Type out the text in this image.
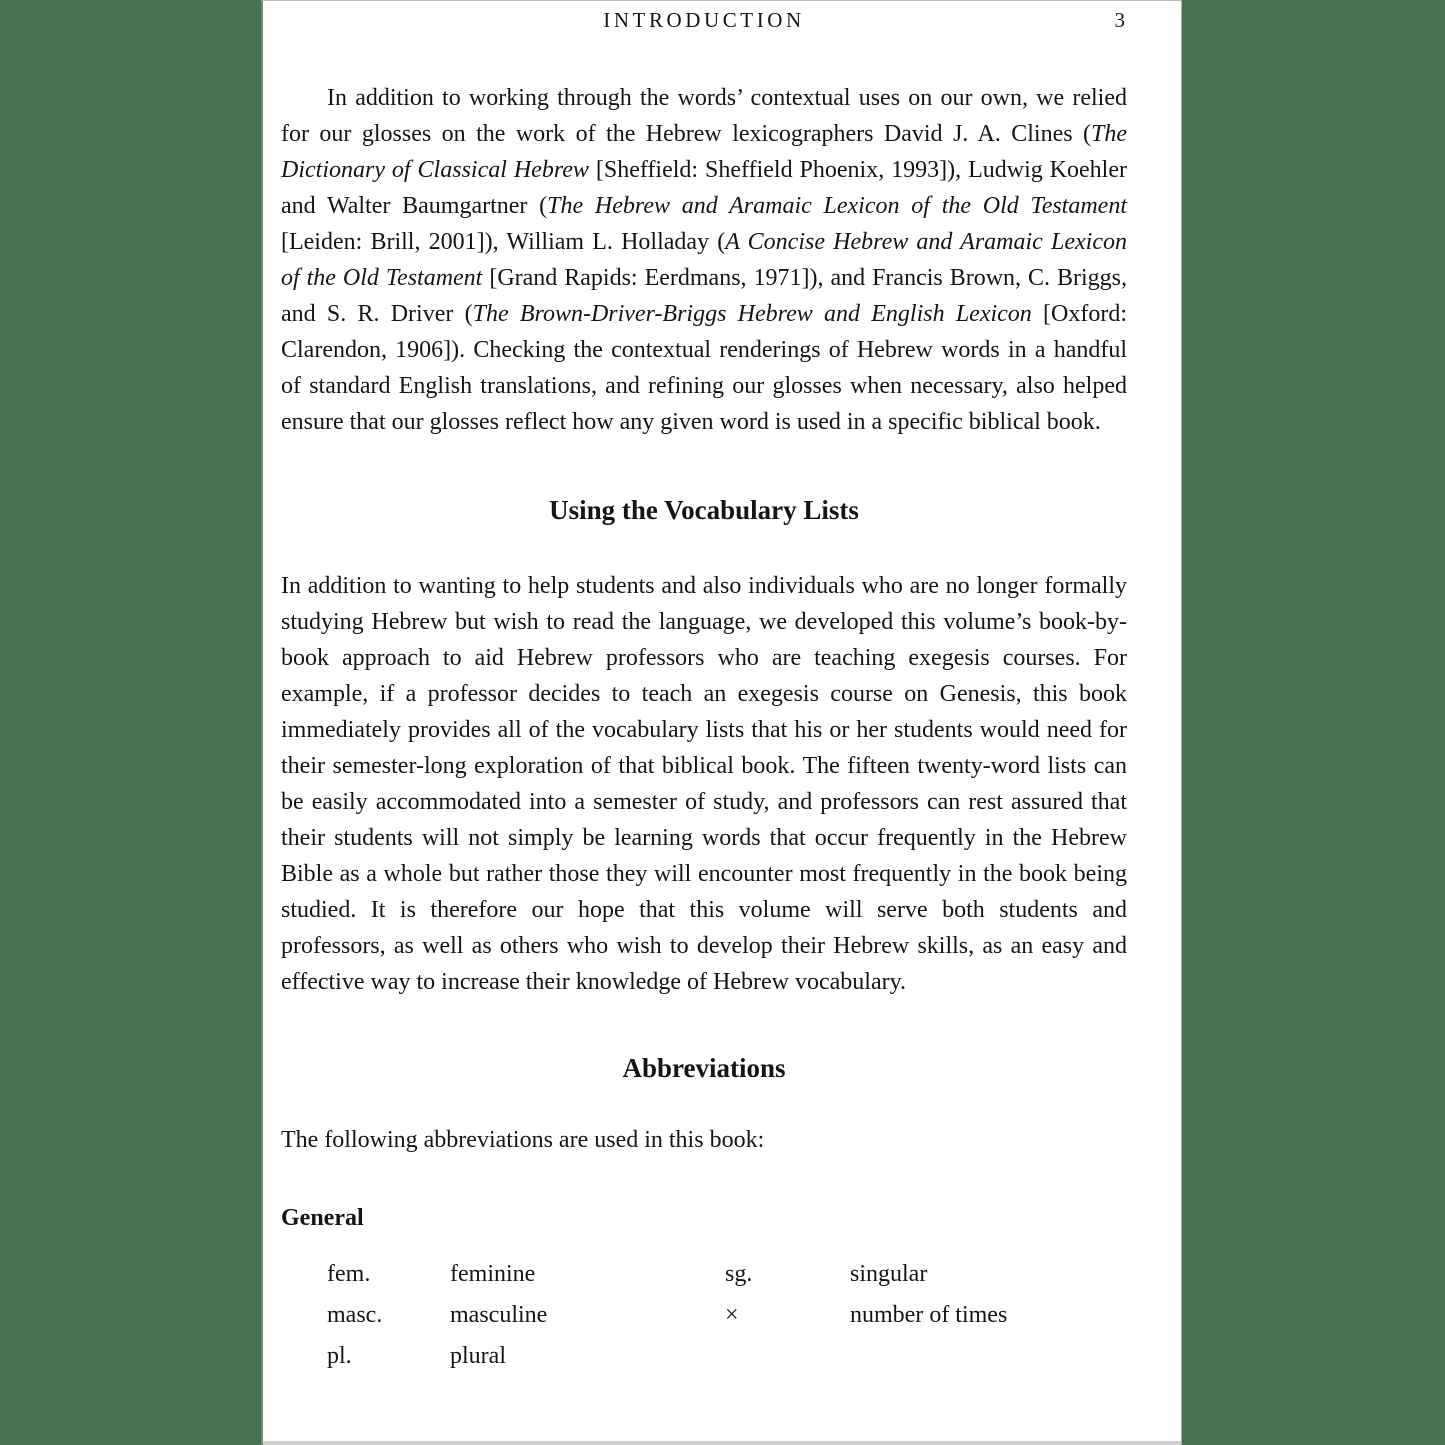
INTRODUCTION	3

In addition to working through the words’ contextual uses on our own, we relied for our glosses on the work of the Hebrew lexicographers David J. A. Clines (The Dictionary of Classical Hebrew [Sheffield: Sheffield Phoenix, 1993]), Ludwig Koehler and Walter Baumgartner (The Hebrew and Aramaic Lexicon of the Old Testament [Leiden: Brill, 2001]), William L. Holladay (A Concise Hebrew and Aramaic Lexicon of the Old Testament [Grand Rapids: Eerdmans, 1971]), and Francis Brown, C. Briggs, and S. R. Driver (The Brown-Driver-Briggs Hebrew and English Lexicon [Oxford: Clarendon, 1906]). Checking the contextual renderings of Hebrew words in a handful of standard English translations, and refining our glosses when necessary, also helped ensure that our glosses reflect how any given word is used in a specific biblical book.

Using the Vocabulary Lists

In addition to wanting to help students and also individuals who are no longer formally studying Hebrew but wish to read the language, we developed this volume’s book-by-book approach to aid Hebrew professors who are teaching exegesis courses. For example, if a professor decides to teach an exegesis course on Genesis, this book immediately provides all of the vocabulary lists that his or her students would need for their semester-long exploration of that biblical book. The fifteen twenty-word lists can be easily accommodated into a semester of study, and professors can rest assured that their students will not simply be learning words that occur frequently in the Hebrew Bible as a whole but rather those they will encounter most frequently in the book being studied. It is therefore our hope that this volume will serve both students and professors, as well as others who wish to develop their Hebrew skills, as an easy and effective way to increase their knowledge of Hebrew vocabulary.

Abbreviations

The following abbreviations are used in this book:

General
fem.	feminine	sg.	singular
masc.	masculine	×	number of times
pl.	plural
